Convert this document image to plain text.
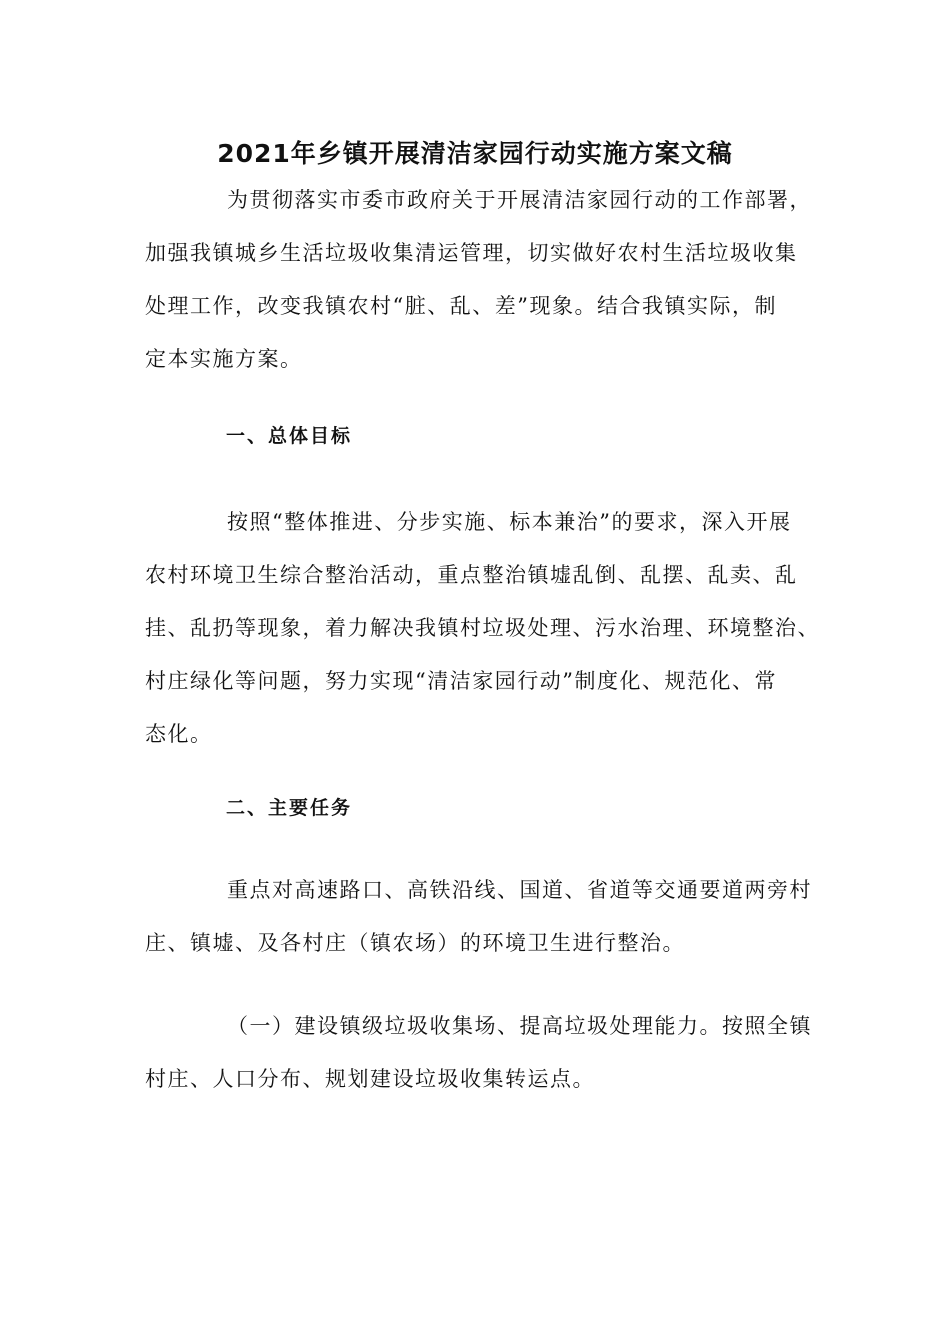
2021年乡镇开展清洁家园行动实施方案文稿
为贯彻落实市委市政府关于开展清洁家园行动的工作部署，
加强我镇城乡生活垃圾收集清运管理，切实做好农村生活垃圾收集
处理工作，改变我镇农村“脏、乱、差”现象。结合我镇实际，制
定本实施方案。
一、总体目标
按照“整体推进、分步实施、标本兼治”的要求，深入开展
农村环境卫生综合整治活动，重点整治镇墟乱倒、乱摆、乱卖、乱
挂、乱扔等现象，着力解决我镇村垃圾处理、污水治理、环境整治、
村庄绿化等问题，努力实现“清洁家园行动”制度化、规范化、常
态化。
二、主要任务
重点对高速路口、高铁沿线、国道、省道等交通要道两旁村
庄、镇墟、及各村庄（镇农场）的环境卫生进行整治。
（一）建设镇级垃圾收集场、提高垃圾处理能力。按照全镇
村庄、人口分布、规划建设垃圾收集转运点。
